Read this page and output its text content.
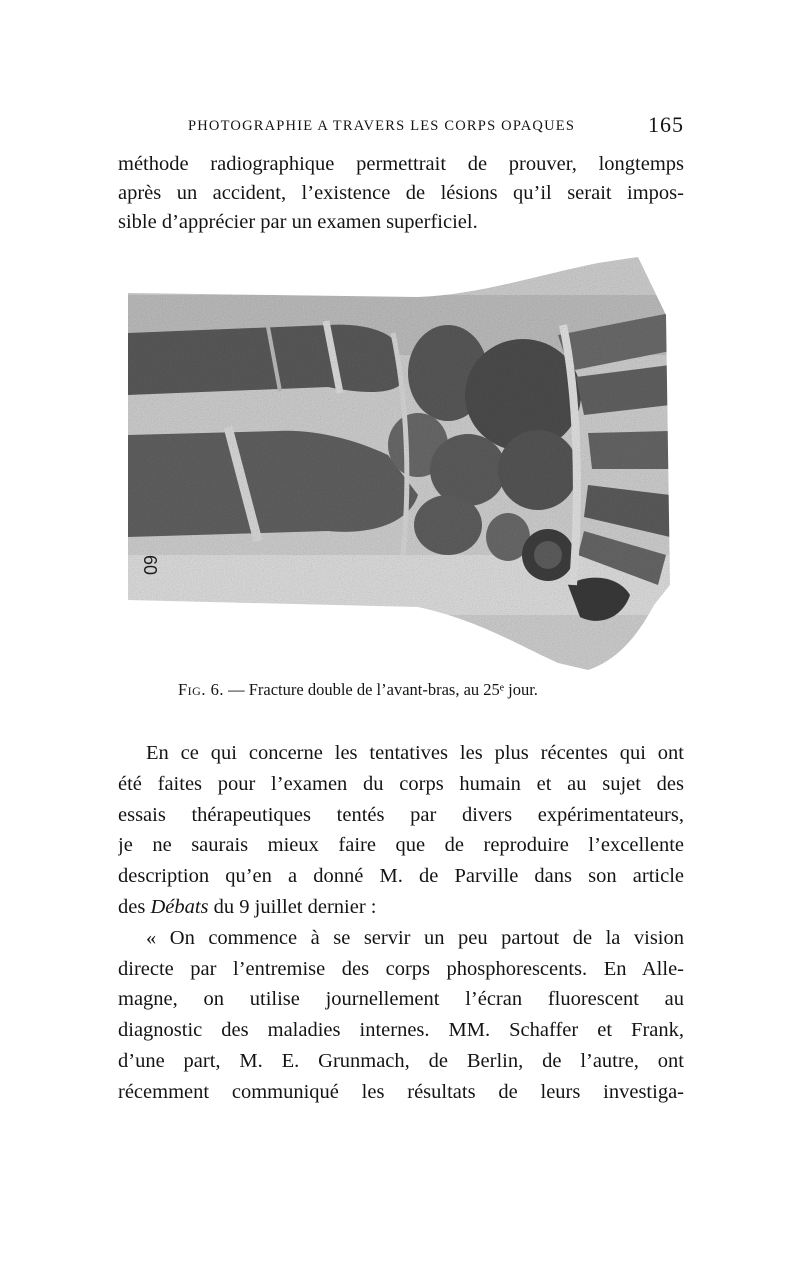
PHOTOGRAPHIE A TRAVERS LES CORPS OPAQUES	165
méthode radiographique permettrait de prouver, longtemps
après un accident, l’existence de lésions qu’il serait impos-
sible d’apprécier par un examen superficiel.
60
Fig. 6. — Fracture double de l’avant-bras, au 25ᵉ jour.
En ce qui concerne les tentatives les plus récentes qui ont
été faites pour l’examen du corps humain et au sujet des
essais thérapeutiques tentés par divers expérimentateurs,
je ne saurais mieux faire que de reproduire l’excellente
description qu’en a donné M. de Parville dans son article
des Débats du 9 juillet dernier :
« On commence à se servir un peu partout de la vision
directe par l’entremise des corps phosphorescents. En Alle-
magne, on utilise journellement l’écran fluorescent au
diagnostic des maladies internes. MM. Schaffer et Frank,
d’une part, M. E. Grunmach, de Berlin, de l’autre, ont
récemment communiqué les résultats de leurs investiga-
